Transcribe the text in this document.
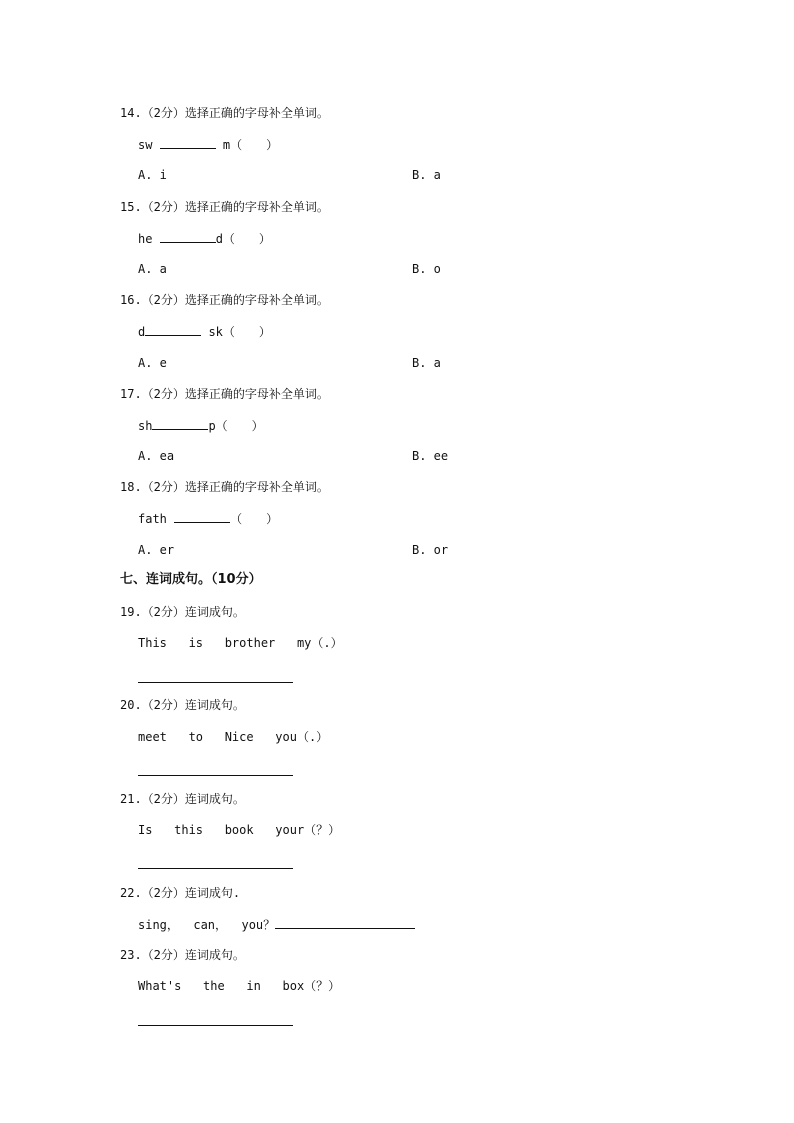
14.（2分）选择正确的字母补全单词。
sw	m（　　）
A. i	B. a
15.（2分）选择正确的字母补全单词。
he	d（　　）
A. a	B. o
16.（2分）选择正确的字母补全单词。
d	sk（　　）
A. e	B. a
17.（2分）选择正确的字母补全单词。
sh	p（　　）
A. ea	B. ee
18.（2分）选择正确的字母补全单词。
fath	（　　）
A. er	B. or
七、连词成句。（10分）
19.（2分）连词成句。
This   is   brother   my（.）
20.（2分）连词成句。
meet   to   Nice   you（.）
21.（2分）连词成句。
Is   this   book   your（？）
22.（2分）连词成句.
sing，  can，  you？
23.（2分）连词成句。
What's   the   in   box（？）
